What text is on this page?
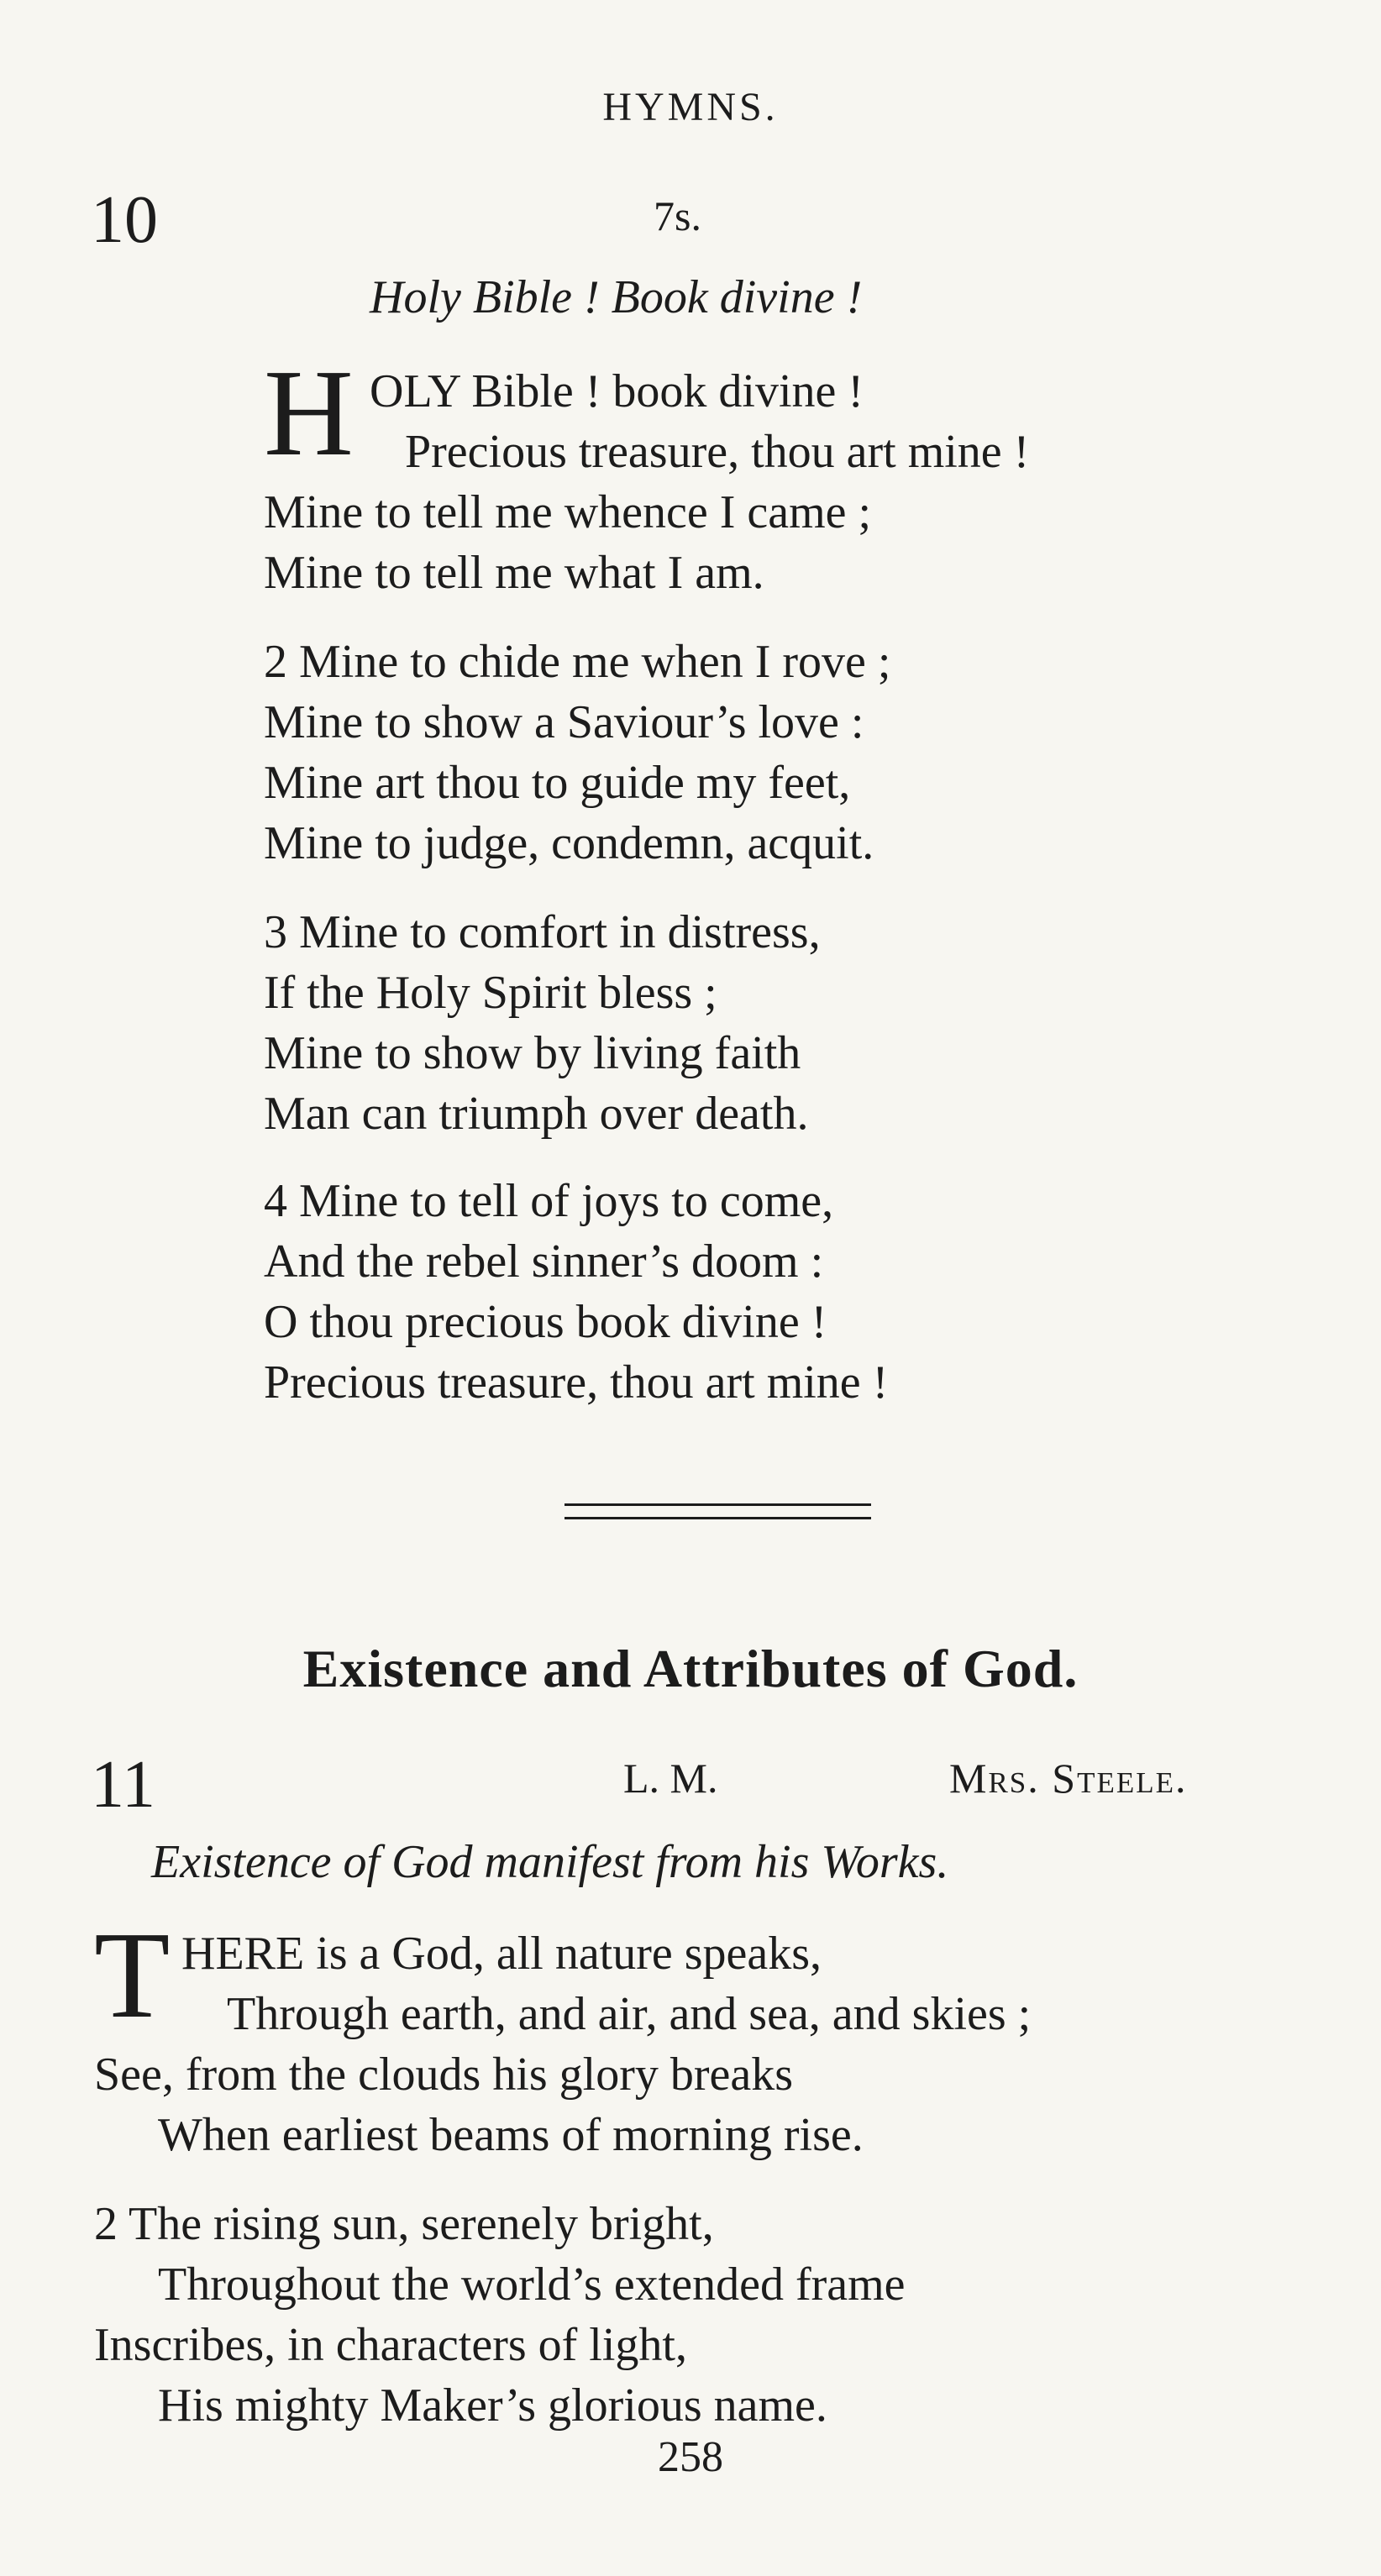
HYMNS.
10	7s.
Holy Bible ! Book divine !
H OLY Bible ! book divine !
Precious treasure, thou art mine !
Mine to tell me whence I came ;
Mine to tell me what I am.
2 Mine to chide me when I rove ;
Mine to show a Saviour’s love :
Mine art thou to guide my feet,
Mine to judge, condemn, acquit.
3 Mine to comfort in distress,
If the Holy Spirit bless ;
Mine to show by living faith
Man can triumph over death.
4 Mine to tell of joys to come,
And the rebel sinner’s doom :
O thou precious book divine !
Precious treasure, thou art mine !
Existence and Attributes of God.
11	L. M.	Mrs. Steele.
Existence of God manifest from his Works.
T HERE is a God, all nature speaks,
Through earth, and air, and sea, and skies ;
See, from the clouds his glory breaks
When earliest beams of morning rise.
2 The rising sun, serenely bright,
Throughout the world’s extended frame
Inscribes, in characters of light,
His mighty Maker’s glorious name.
258
